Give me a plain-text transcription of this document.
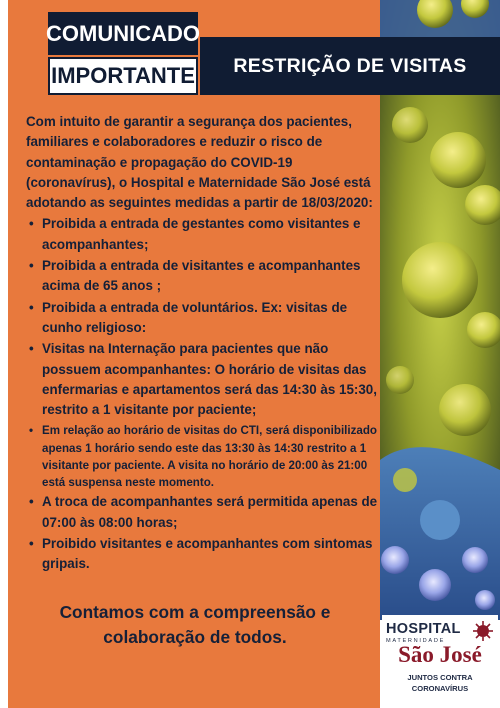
COMUNICADO
IMPORTANTE	RESTRIÇÃO DE VISITAS

Com intuito de garantir a segurança dos pacientes, familiares e colaboradores e reduzir o risco de contaminação e propagação do COVID-19 (coronavírus), o Hospital e Maternidade São José está adotando as seguintes medidas a partir de 18/03/2020:

• Proibida a entrada de gestantes como visitantes e acompanhantes;
• Proibida a entrada de visitantes e acompanhantes acima de 65 anos ;
• Proibida a entrada de voluntários. Ex: visitas de cunho religioso:
• Visitas na Internação para pacientes que não possuem acompanhantes: O horário de visitas das enfermarias e apartamentos será das 14:30 às 15:30, restrito a 1 visitante por paciente;
• Em relação ao horário de visitas do CTI, será disponibilizado apenas 1 horário sendo este das 13:30 às 14:30 restrito a 1 visitante por paciente. A visita no horário de 20:00 às 21:00 está suspensa neste momento.
• A troca de acompanhantes será permitida apenas de 07:00 às 08:00 horas;
• Proibido visitantes e acompanhantes com sintomas gripais.
Contamos com a compreensão e colaboração de todos.	HOSPITAL
MATERNIDADE
São José
JUNTOS CONTRA
CORONAVÍRUS
